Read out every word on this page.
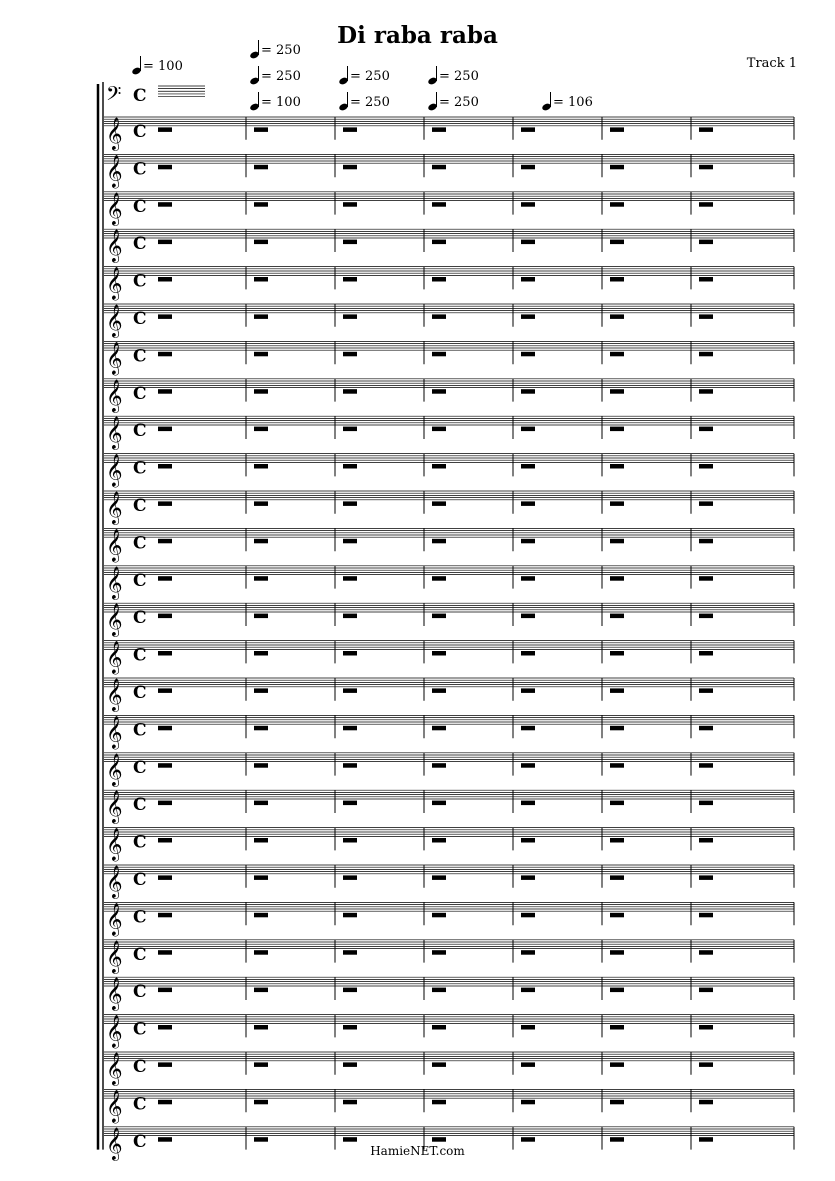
Di raba raba
Track 1
= 100
= 250
= 250	= 250	= 250
= 100	= 250	= 250	= 106
𝄢 C
𝄞 C
𝄞 C
𝄞 C
𝄞 C
𝄞 C
𝄞 C
𝄞 C
𝄞 C
𝄞 C
𝄞 C
𝄞 C
𝄞 C
𝄞 C
𝄞 C
𝄞 C
𝄞 C
𝄞 C
𝄞 C
𝄞 C
𝄞 C
𝄞 C
𝄞 C
𝄞 C
𝄞 C
𝄞 C
𝄞 C
𝄞 C
𝄞 C	HamieNET.com
